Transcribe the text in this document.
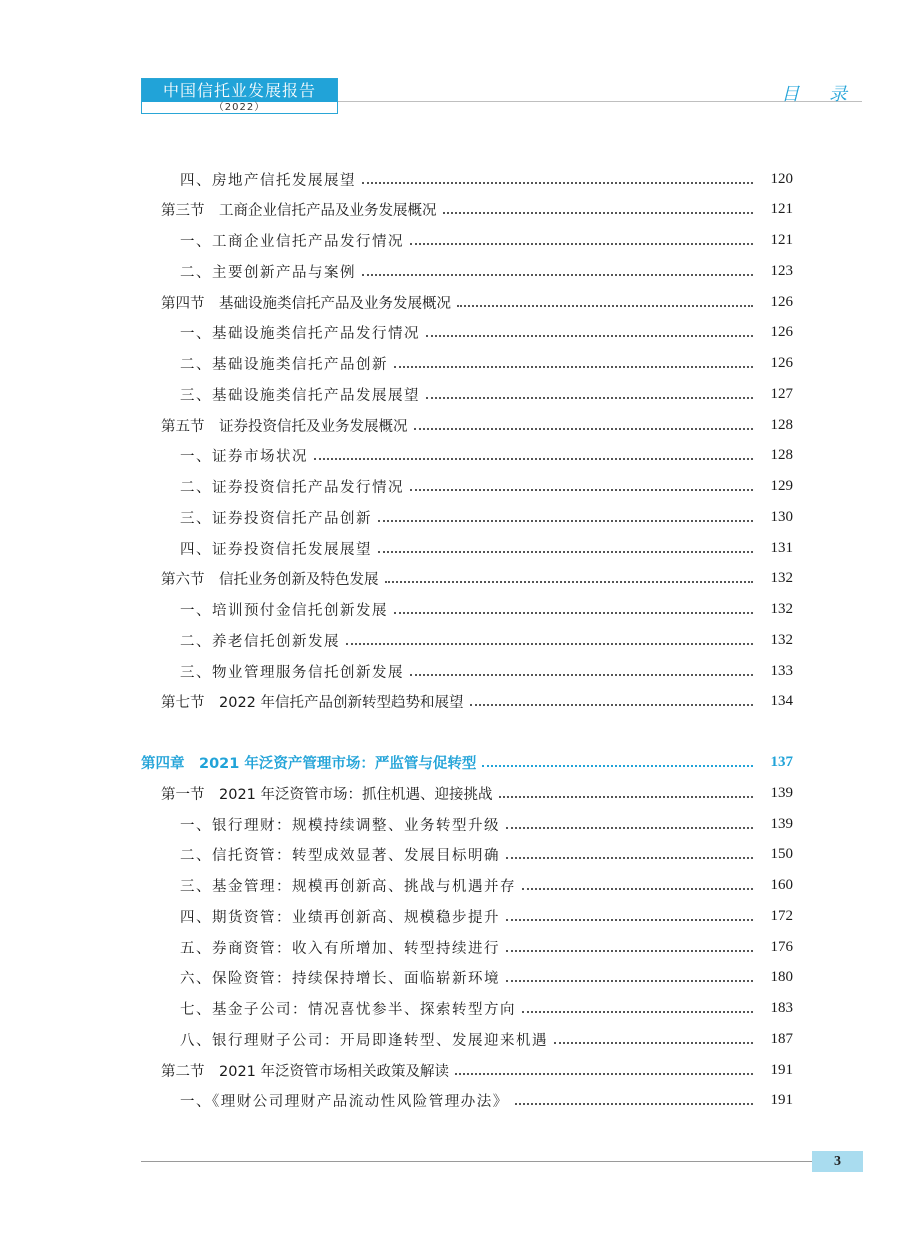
中国信托业发展报告
（2022）
目 录
四、房地产信托发展展望	120
第三节　工商企业信托产品及业务发展概况	121
一、工商企业信托产品发行情况	121
二、主要创新产品与案例	123
第四节　基础设施类信托产品及业务发展概况	126
一、基础设施类信托产品发行情况	126
二、基础设施类信托产品创新	126
三、基础设施类信托产品发展展望	127
第五节　证券投资信托及业务发展概况	128
一、证券市场状况	128
二、证券投资信托产品发行情况	129
三、证券投资信托产品创新	130
四、证券投资信托发展展望	131
第六节　信托业务创新及特色发展	132
一、培训预付金信托创新发展	132
二、养老信托创新发展	132
三、物业管理服务信托创新发展	133
第七节　2022 年信托产品创新转型趋势和展望	134
第四章　2021 年泛资产管理市场：严监管与促转型	137
第一节　2021 年泛资管市场：抓住机遇、迎接挑战	139
一、银行理财：规模持续调整、业务转型升级	139
二、信托资管：转型成效显著、发展目标明确	150
三、基金管理：规模再创新高、挑战与机遇并存	160
四、期货资管：业绩再创新高、规模稳步提升	172
五、券商资管：收入有所增加、转型持续进行	176
六、保险资管：持续保持增长、面临崭新环境	180
七、基金子公司：情况喜忧参半、探索转型方向	183
八、银行理财子公司：开局即逢转型、发展迎来机遇	187
第二节　2021 年泛资管市场相关政策及解读	191
一、《理财公司理财产品流动性风险管理办法》	191
3
